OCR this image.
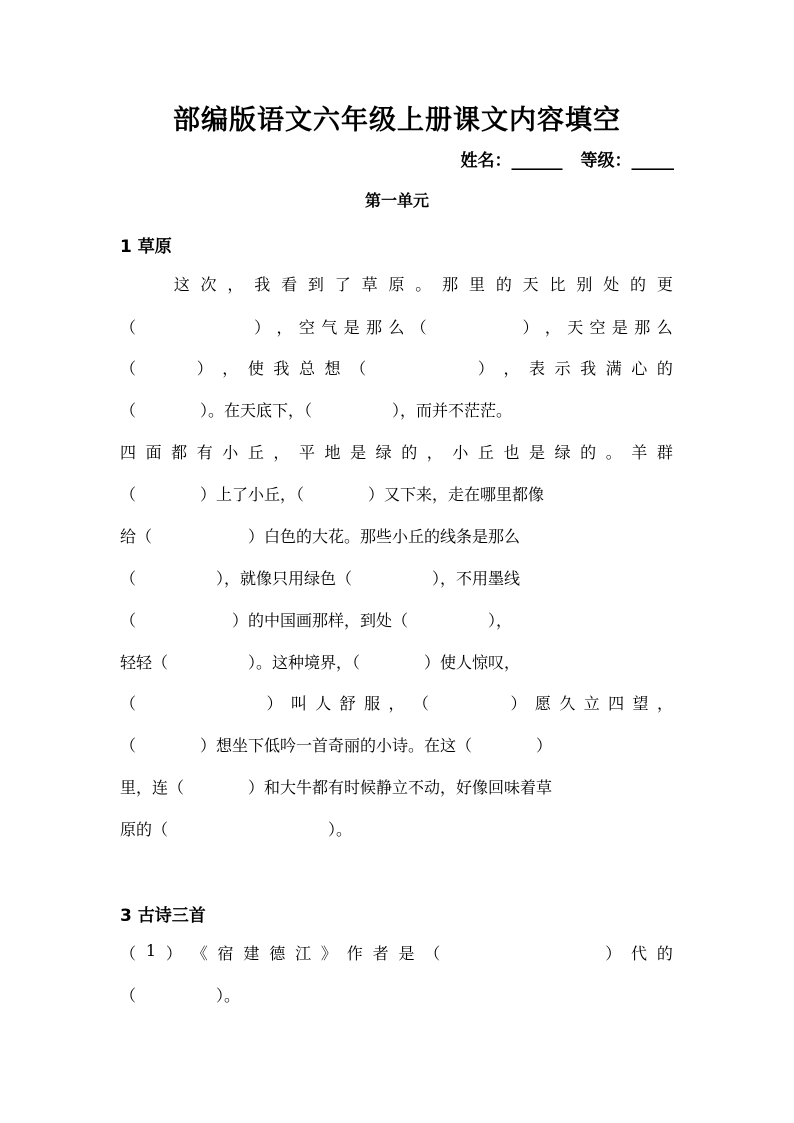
部编版语文六年级上册课文内容填空
姓名：______ 等级：_____
第一单元
1 草原

这 次 ， 我 看 到 了 草 原 。 那 里 的 天 比 别 处 的 更
（

　	） ， 空 气 是 那 么 （

　	） ， 天 空 是 那 么
（

　	） ， 使 我 总 想 （

　	） ， 表 示 我 满 心 的
（　　　　）。在天底下，（　　　　　），而并不茫茫。
四 面 都 有 小 丘 ， 平 地 是 绿 的 ， 小 丘 也 是 绿 的 。 羊 群
（　　　　）上了小丘，（　　　　）又下来，走在哪里都像
给（　　　　　　）白色的大花。那些小丘的线条是那么
（　　　　　），就像只用绿色（　　　　　），不用墨线
（　　　　　　）的中国画那样，到处（　　　　　），
轻轻（　　　　　）。这种境界，（　　　　）使人惊叹，
（

　	） 叫 人 舒 服 ， （

　	） 愿 久 立 四 望 ，
（　　　　）想坐下低吟一首奇丽的小诗。在这（　　　　）
里，连（　　　　）和大牛都有时候静立不动，好像回味着草
原的（　　　　　　　　　　）。
3 古诗三首
（ 1 ） 《 宿 建 德 江 》 作 者 是 （

　	） 代 的
（　　　　　）。
